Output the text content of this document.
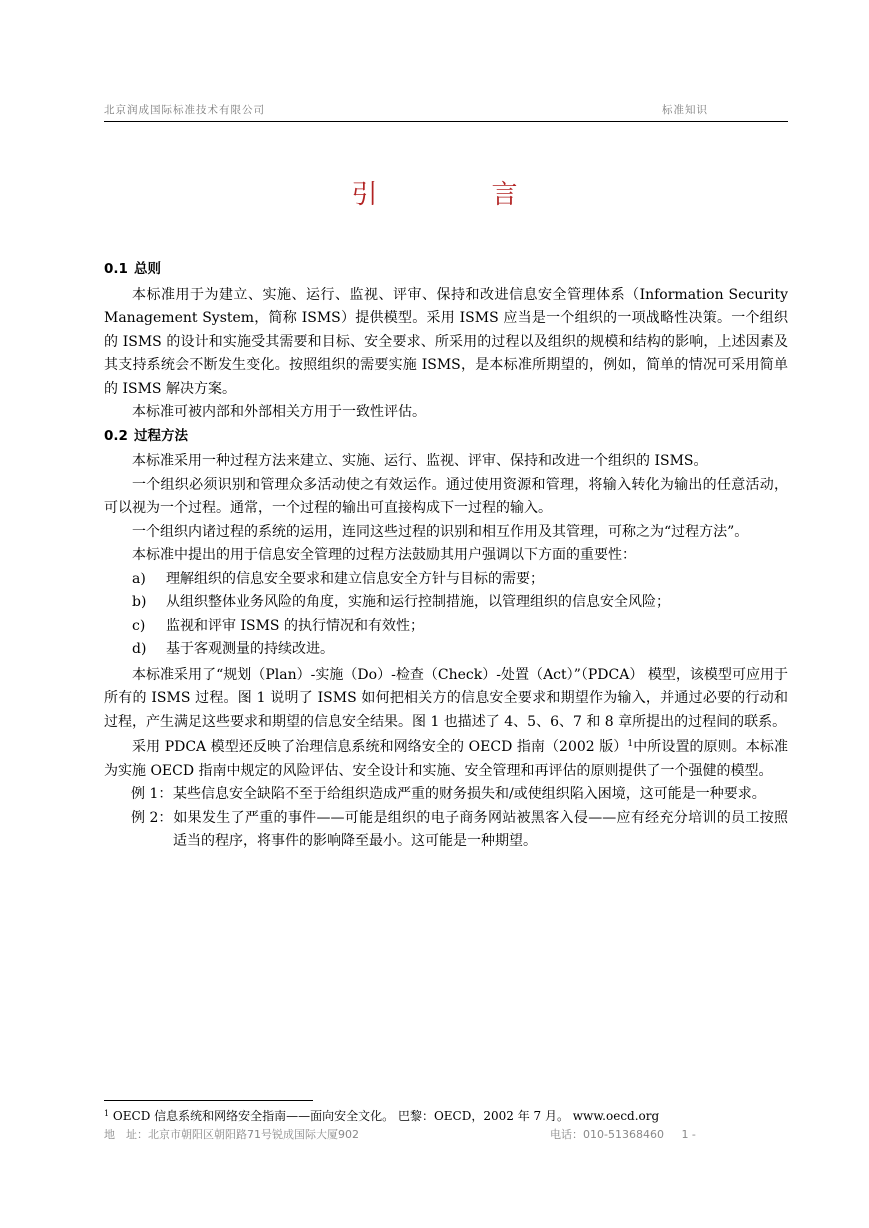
北京润成国际标准技术有限公司	标准知识
引　言
0.1 总则

本标准用于为建立、实施、运行、监视、评审、保持和改进信息安全管理体系（Information Security Management System，简称 ISMS）提供模型。采用 ISMS 应当是一个组织的一项战略性决策。一个组织的 ISMS 的设计和实施受其需要和目标、安全要求、所采用的过程以及组织的规模和结构的影响，上述因素及其支持系统会不断发生变化。按照组织的需要实施 ISMS，是本标准所期望的，例如，简单的情况可采用简单的 ISMS 解决方案。

本标准可被内部和外部相关方用于一致性评估。

0.2 过程方法

本标准采用一种过程方法来建立、实施、运行、监视、评审、保持和改进一个组织的 ISMS。

一个组织必须识别和管理众多活动使之有效运作。通过使用资源和管理，将输入转化为输出的任意活动，可以视为一个过程。通常，一个过程的输出可直接构成下一过程的输入。

一个组织内诸过程的系统的运用，连同这些过程的识别和相互作用及其管理，可称之为“过程方法”。

本标准中提出的用于信息安全管理的过程方法鼓励其用户强调以下方面的重要性：

a) 理解组织的信息安全要求和建立信息安全方针与目标的需要；
b) 从组织整体业务风险的角度，实施和运行控制措施，以管理组织的信息安全风险；
c) 监视和评审 ISMS 的执行情况和有效性；
d) 基于客观测量的持续改进。

本标准采用了“规划（Plan）-实施（Do）-检查（Check）-处置（Act）”（PDCA） 模型，该模型可应用于所有的 ISMS 过程。图 1 说明了 ISMS 如何把相关方的信息安全要求和期望作为输入，并通过必要的行动和过程，产生满足这些要求和期望的信息安全结果。图 1 也描述了 4、5、6、7 和 8 章所提出的过程间的联系。

采用 PDCA 模型还反映了治理信息系统和网络安全的 OECD 指南（2002 版）$^1$中所设置的原则。本标准为实施 OECD 指南中规定的风险评估、安全设计和实施、安全管理和再评估的原则提供了一个强健的模型。

例 1：某些信息安全缺陷不至于给组织造成严重的财务损失和/或使组织陷入困境，这可能是一种要求。
例 2：如果发生了严重的事件——可能是组织的电子商务网站被黑客入侵——应有经充分培训的员工按照适当的程序，将事件的影响降至最小。这可能是一种期望。
$^1$ OECD 信息系统和网络安全指南——面向安全文化。 巴黎：OECD，2002 年 7 月。 www.oecd.org
地　址：北京市朝阳区朝阳路71号锐成国际大厦902	电话：010-51368460 1 -
